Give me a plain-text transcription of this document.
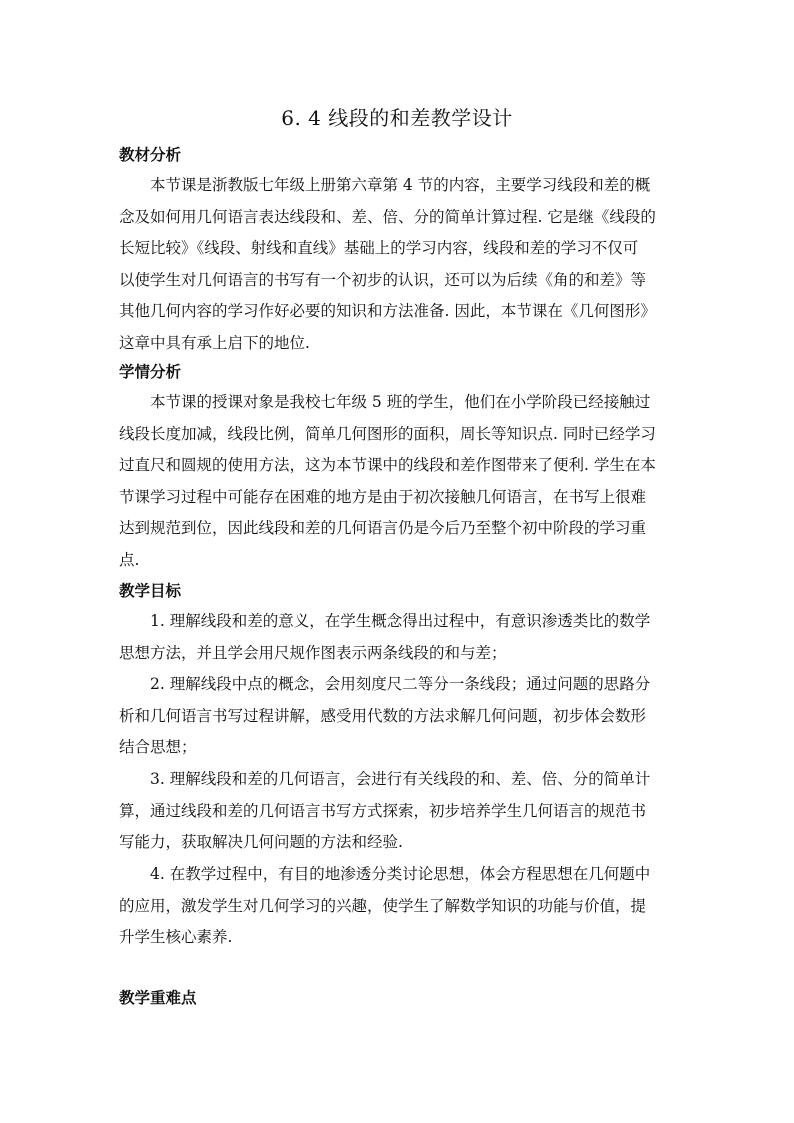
6. 4 线段的和差教学设计
教材分析
本节课是浙教版七年级上册第六章第 4 节的内容，主要学习线段和差的概
念及如何用几何语言表达线段和、差、倍、分的简单计算过程. 它是继《线段的
长短比较》《线段、射线和直线》基础上的学习内容，线段和差的学习不仅可
以使学生对几何语言的书写有一个初步的认识，还可以为后续《角的和差》等
其他几何内容的学习作好必要的知识和方法准备. 因此，本节课在《几何图形》
这章中具有承上启下的地位.
学情分析
本节课的授课对象是我校七年级 5 班的学生，他们在小学阶段已经接触过
线段长度加减，线段比例，简单几何图形的面积，周长等知识点. 同时已经学习
过直尺和圆规的使用方法，这为本节课中的线段和差作图带来了便利. 学生在本
节课学习过程中可能存在困难的地方是由于初次接触几何语言，在书写上很难
达到规范到位，因此线段和差的几何语言仍是今后乃至整个初中阶段的学习重
点.
教学目标
1. 理解线段和差的意义，在学生概念得出过程中，有意识渗透类比的数学
思想方法，并且学会用尺规作图表示两条线段的和与差；
2. 理解线段中点的概念，会用刻度尺二等分一条线段；通过问题的思路分
析和几何语言书写过程讲解，感受用代数的方法求解几何问题，初步体会数形
结合思想；
3. 理解线段和差的几何语言，会进行有关线段的和、差、倍、分的简单计
算，通过线段和差的几何语言书写方式探索，初步培养学生几何语言的规范书
写能力，获取解决几何问题的方法和经验.
4. 在教学过程中，有目的地渗透分类讨论思想，体会方程思想在几何题中
的应用，激发学生对几何学习的兴趣，使学生了解数学知识的功能与价值，提
升学生核心素养.
教学重难点
